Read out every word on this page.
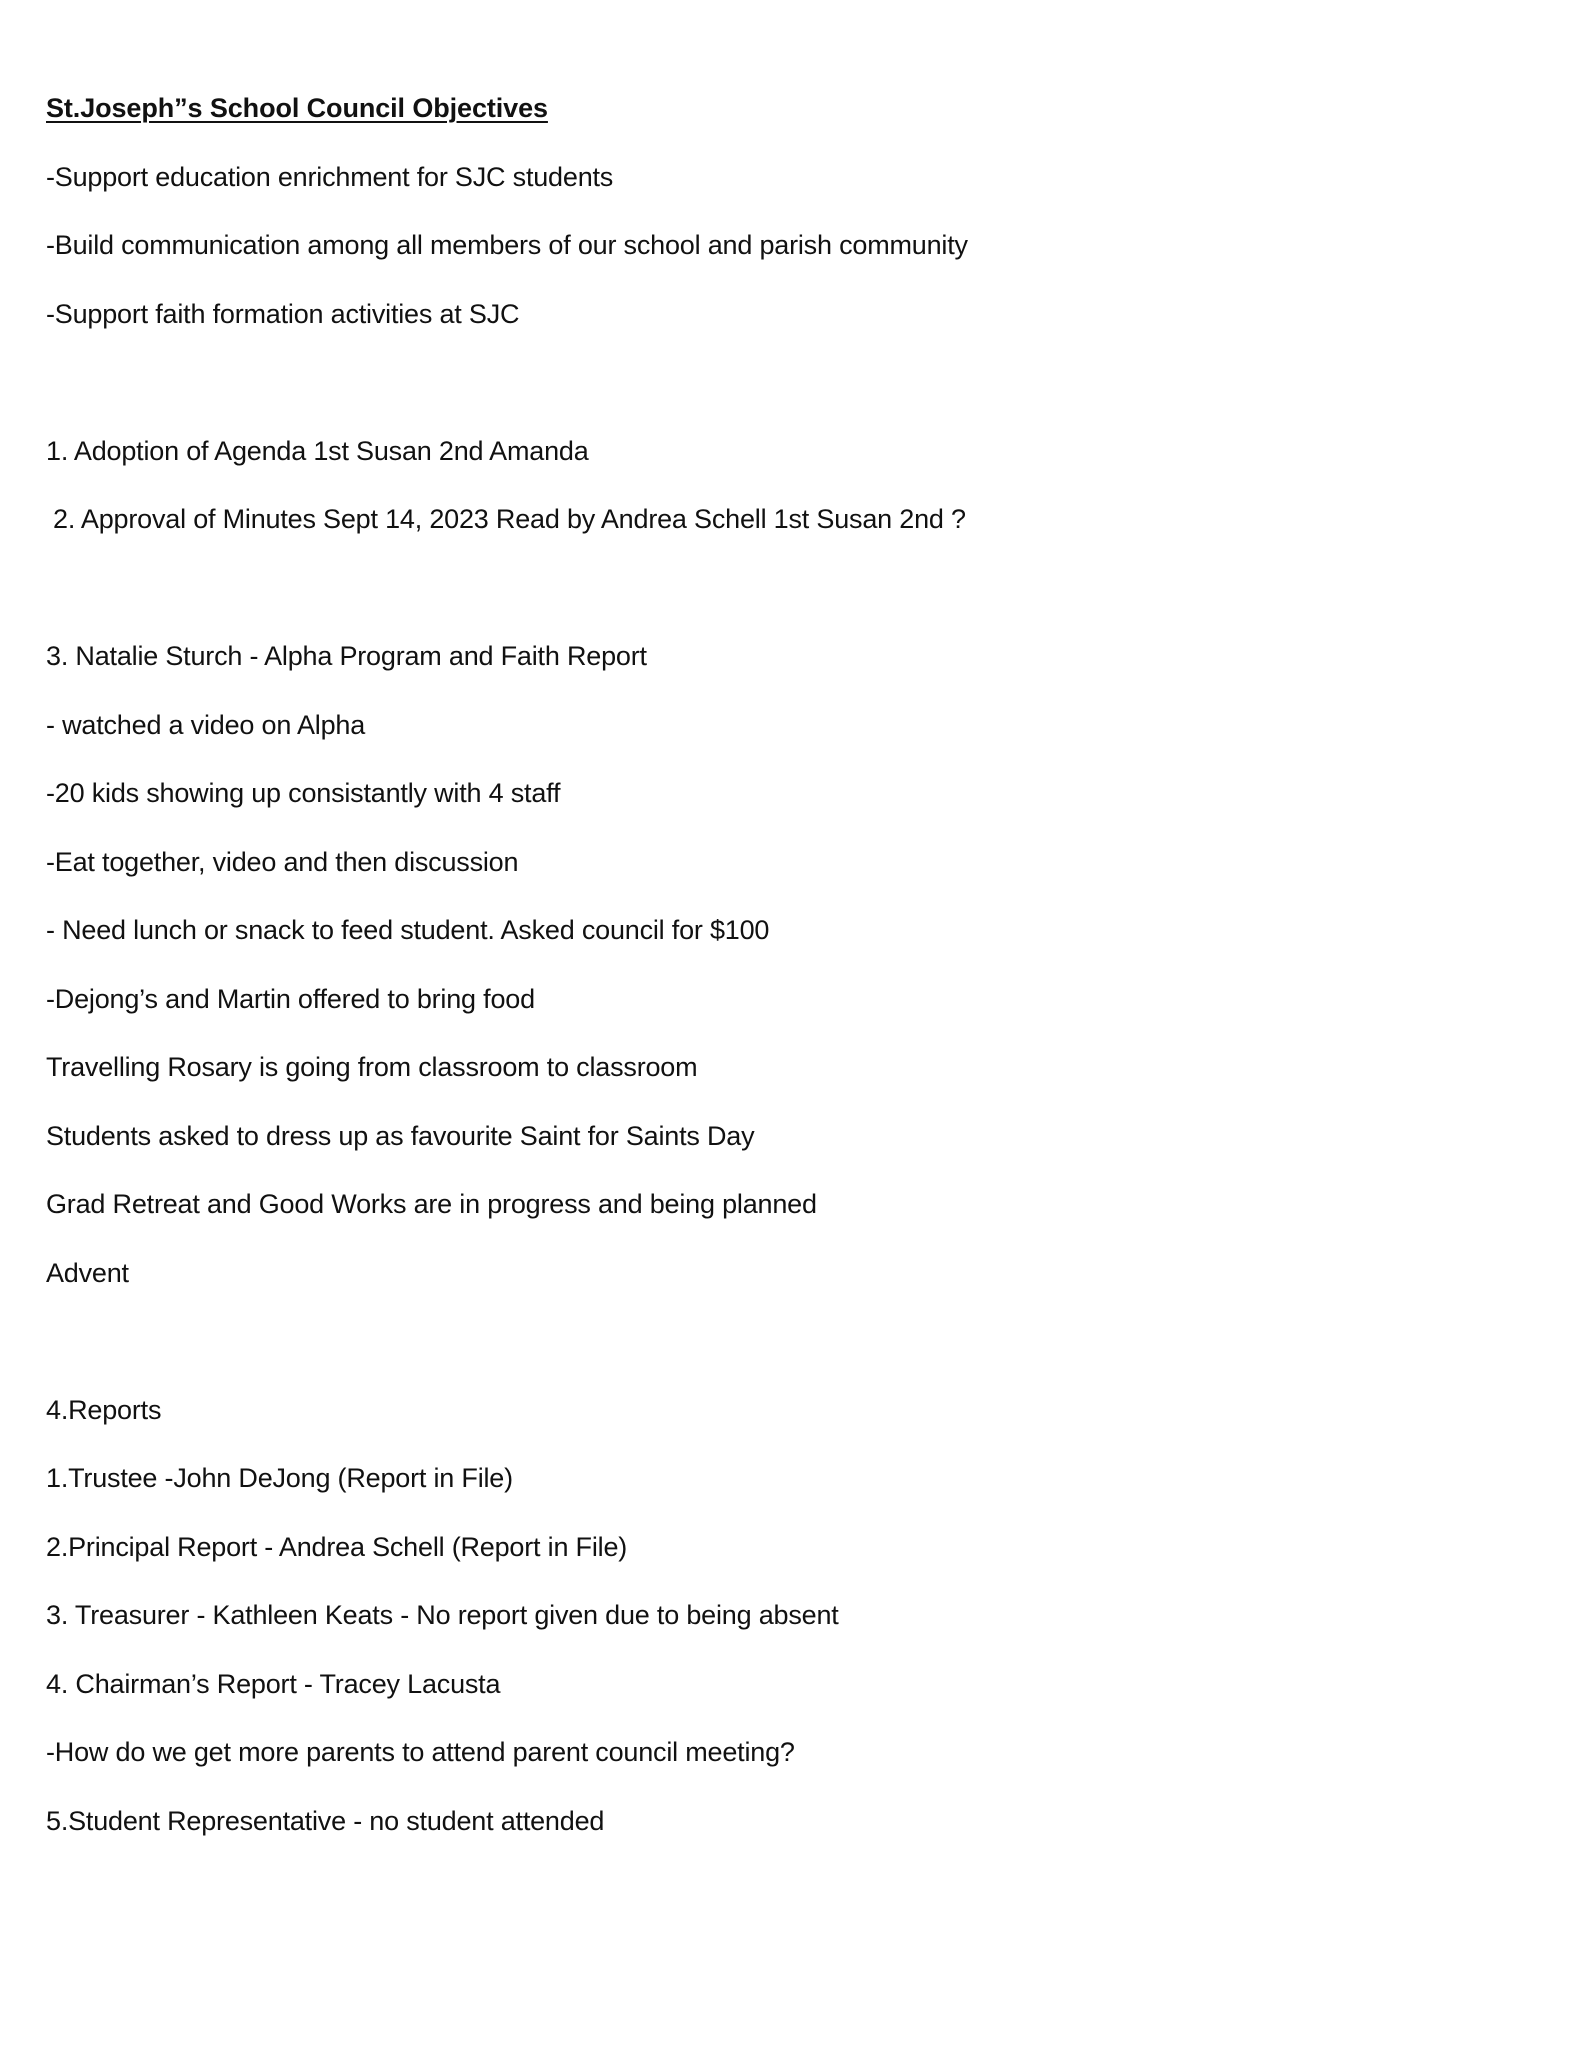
St.Joseph”s School Council Objectives
-Support education enrichment for SJC students
-Build communication among all members of our school and parish community
-Support faith formation activities at SJC
1. Adoption of Agenda 1st Susan 2nd Amanda
2. Approval of Minutes Sept 14, 2023 Read by Andrea Schell 1st Susan 2nd ?
3. Natalie Sturch - Alpha Program and Faith Report
- watched a video on Alpha
-20 kids showing up consistantly with 4 staff
-Eat together, video and then discussion
- Need lunch or snack to feed student. Asked council for $100
-Dejong’s and Martin offered to bring food
Travelling Rosary is going from classroom to classroom
Students asked to dress up as favourite Saint for Saints Day
Grad Retreat and Good Works are in progress and being planned
Advent
4.Reports
1.Trustee -John DeJong (Report in File)
2.Principal Report - Andrea Schell (Report in File)
3. Treasurer - Kathleen Keats - No report given due to being absent
4. Chairman’s Report - Tracey Lacusta
-How do we get more parents to attend parent council meeting?
5.Student Representative - no student attended
